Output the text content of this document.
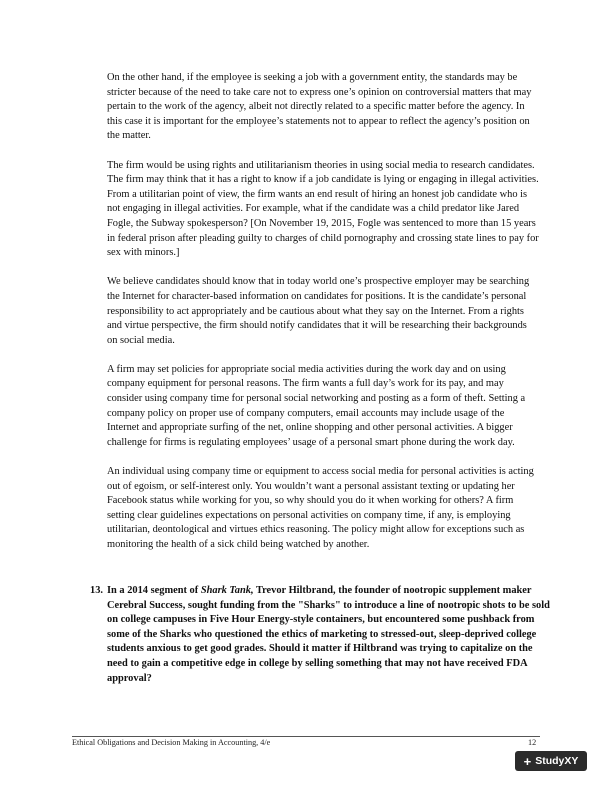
On the other hand, if the employee is seeking a job with a government entity, the standards may be stricter because of the need to take care not to express one’s opinion on controversial matters that may pertain to the work of the agency, albeit not directly related to a specific matter before the agency. In this case it is important for the employee’s statements not to appear to reflect the agency’s position on the matter.

The firm would be using rights and utilitarianism theories in using social media to research candidates. The firm may think that it has a right to know if a job candidate is lying or engaging in illegal activities. From a utilitarian point of view, the firm wants an end result of hiring an honest job candidate who is not engaging in illegal activities. For example, what if the candidate was a child predator like Jared Fogle, the Subway spokesperson? [On November 19, 2015, Fogle was sentenced to more than 15 years in federal prison after pleading guilty to charges of child pornography and crossing state lines to pay for sex with minors.]

We believe candidates should know that in today world one’s prospective employer may be searching the Internet for character-based information on candidates for positions. It is the candidate’s personal responsibility to act appropriately and be cautious about what they say on the Internet. From a rights and virtue perspective, the firm should notify candidates that it will be researching their backgrounds on social media.

A firm may set policies for appropriate social media activities during the work day and on using company equipment for personal reasons. The firm wants a full day’s work for its pay, and may consider using company time for personal social networking and posting as a form of theft. Setting a company policy on proper use of company computers, email accounts may include usage of the Internet and appropriate surfing of the net, online shopping and other personal activities. A bigger challenge for firms is regulating employees’ usage of a personal smart phone during the work day.

An individual using company time or equipment to access social media for personal activities is acting out of egoism, or self-interest only. You wouldn’t want a personal assistant texting or updating her Facebook status while working for you, so why should you do it when working for others? A firm setting clear guidelines expectations on personal activities on company time, if any, is employing utilitarian, deontological and virtues ethics reasoning. The policy might allow for exceptions such as monitoring the health of a sick child being watched by another.

13. In a 2014 segment of Shark Tank, Trevor Hiltbrand, the founder of nootropic supplement maker Cerebral Success, sought funding from the "Sharks" to introduce a line of nootropic shots to be sold on college campuses in Five Hour Energy-style containers, but encountered some pushback from some of the Sharks who questioned the ethics of marketing to stressed-out, sleep-deprived college students anxious to get good grades. Should it matter if Hiltbrand was trying to capitalize on the need to gain a competitive edge in college by selling something that may not have received FDA approval?
Ethical Obligations and Decision Making in Accounting, 4/e	12
+ StudyXY
